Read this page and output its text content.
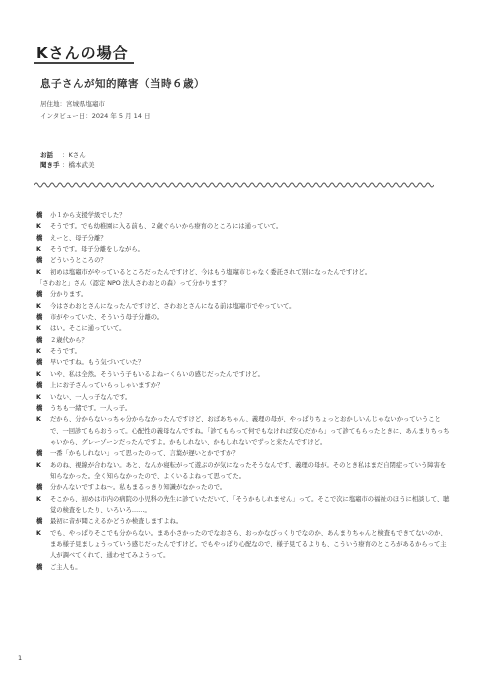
Kさんの場合
息子さんが知的障害（当時６歳）
居住地：宮城県塩竈市
インタビュー日：2024 年 5 月 14 日
お話 ：Kさん
聞き手 ：橋本武美
橋 小１から支援学級でした？
K そうです。でも幼稚園に入る前も、２歳ぐらいから療育のところには通っていて。
橋 えーと、母子分離？
K そうです。母子分離をしながら。
橋 どういうところの？
K 初めは塩竈市がやっているところだったんですけど、今はもう塩竈市じゃなく委託されて別になったんですけど。
「さわおと」さん（認定 NPO 法人さわおとの森）って分かります？
橋 分かります。
K 今はさわおとさんになったんですけど、さわおとさんになる前は塩竈市でやっていて。
橋 市がやっていた、そういう母子分離の。
K はい。そこに通っていて。
橋 ２歳代から？
K そうです。
橋 早いですね。もう気づいていた？
K いや、私は全然。そういう子もいるよねーくらいの感じだったんですけど。
橋 上にお子さんっていらっしゃいますか？
K いない、一人っ子なんです。
橋 うちも一緒です。一人っ子。
K だから、分からないっちゃ分からなかったんですけど、おばあちゃん、義理の母が、やっぱりちょっとおかしいんじゃないかっていうことで、一回診てもらおうって。心配性の義母なんですね。「診てもらって何でもなければ安心だから」って診てもらったときに、あんまりちっちゃいから、グレーゾーンだったんですよ。かもしれない、かもしれないでずっと来たんですけど。
橋 一番「かもしれない」って思ったのって、言葉が遅いとかですか？
K あのね、視線が合わない。あと、なんか寝転がって遊ぶのが気になったそうなんです、義理の母が。そのとき私はまだ自閉症っていう障害を知らなかった。全く知らなかったので、よくいるよねって思ってた。
橋 分かんないですよね～。私もまるっきり知識がなかったので。
K そこから、初めは市内の病院の小児科の先生に診ていただいて、「そうかもしれません」って。そこで次に塩竈市の福祉のほうに相談して、聴覚の検査をしたり、いろいろ……。
橋 最初に音が聞こえるかどうか検査しますよね。
K でも、やっぱりそこでも分からない。まあ小さかったのでなおさら、おっかなびっくりでなのか、あんまりちゃんと検査もできてないのか、まあ様子見ましょうっていう感じだったんですけど。でもやっぱり心配なので、様子見てるよりも、こういう療育のところがあるからって主人が調べてくれて、通わせてみようって。
橋 ご主人も。
1
